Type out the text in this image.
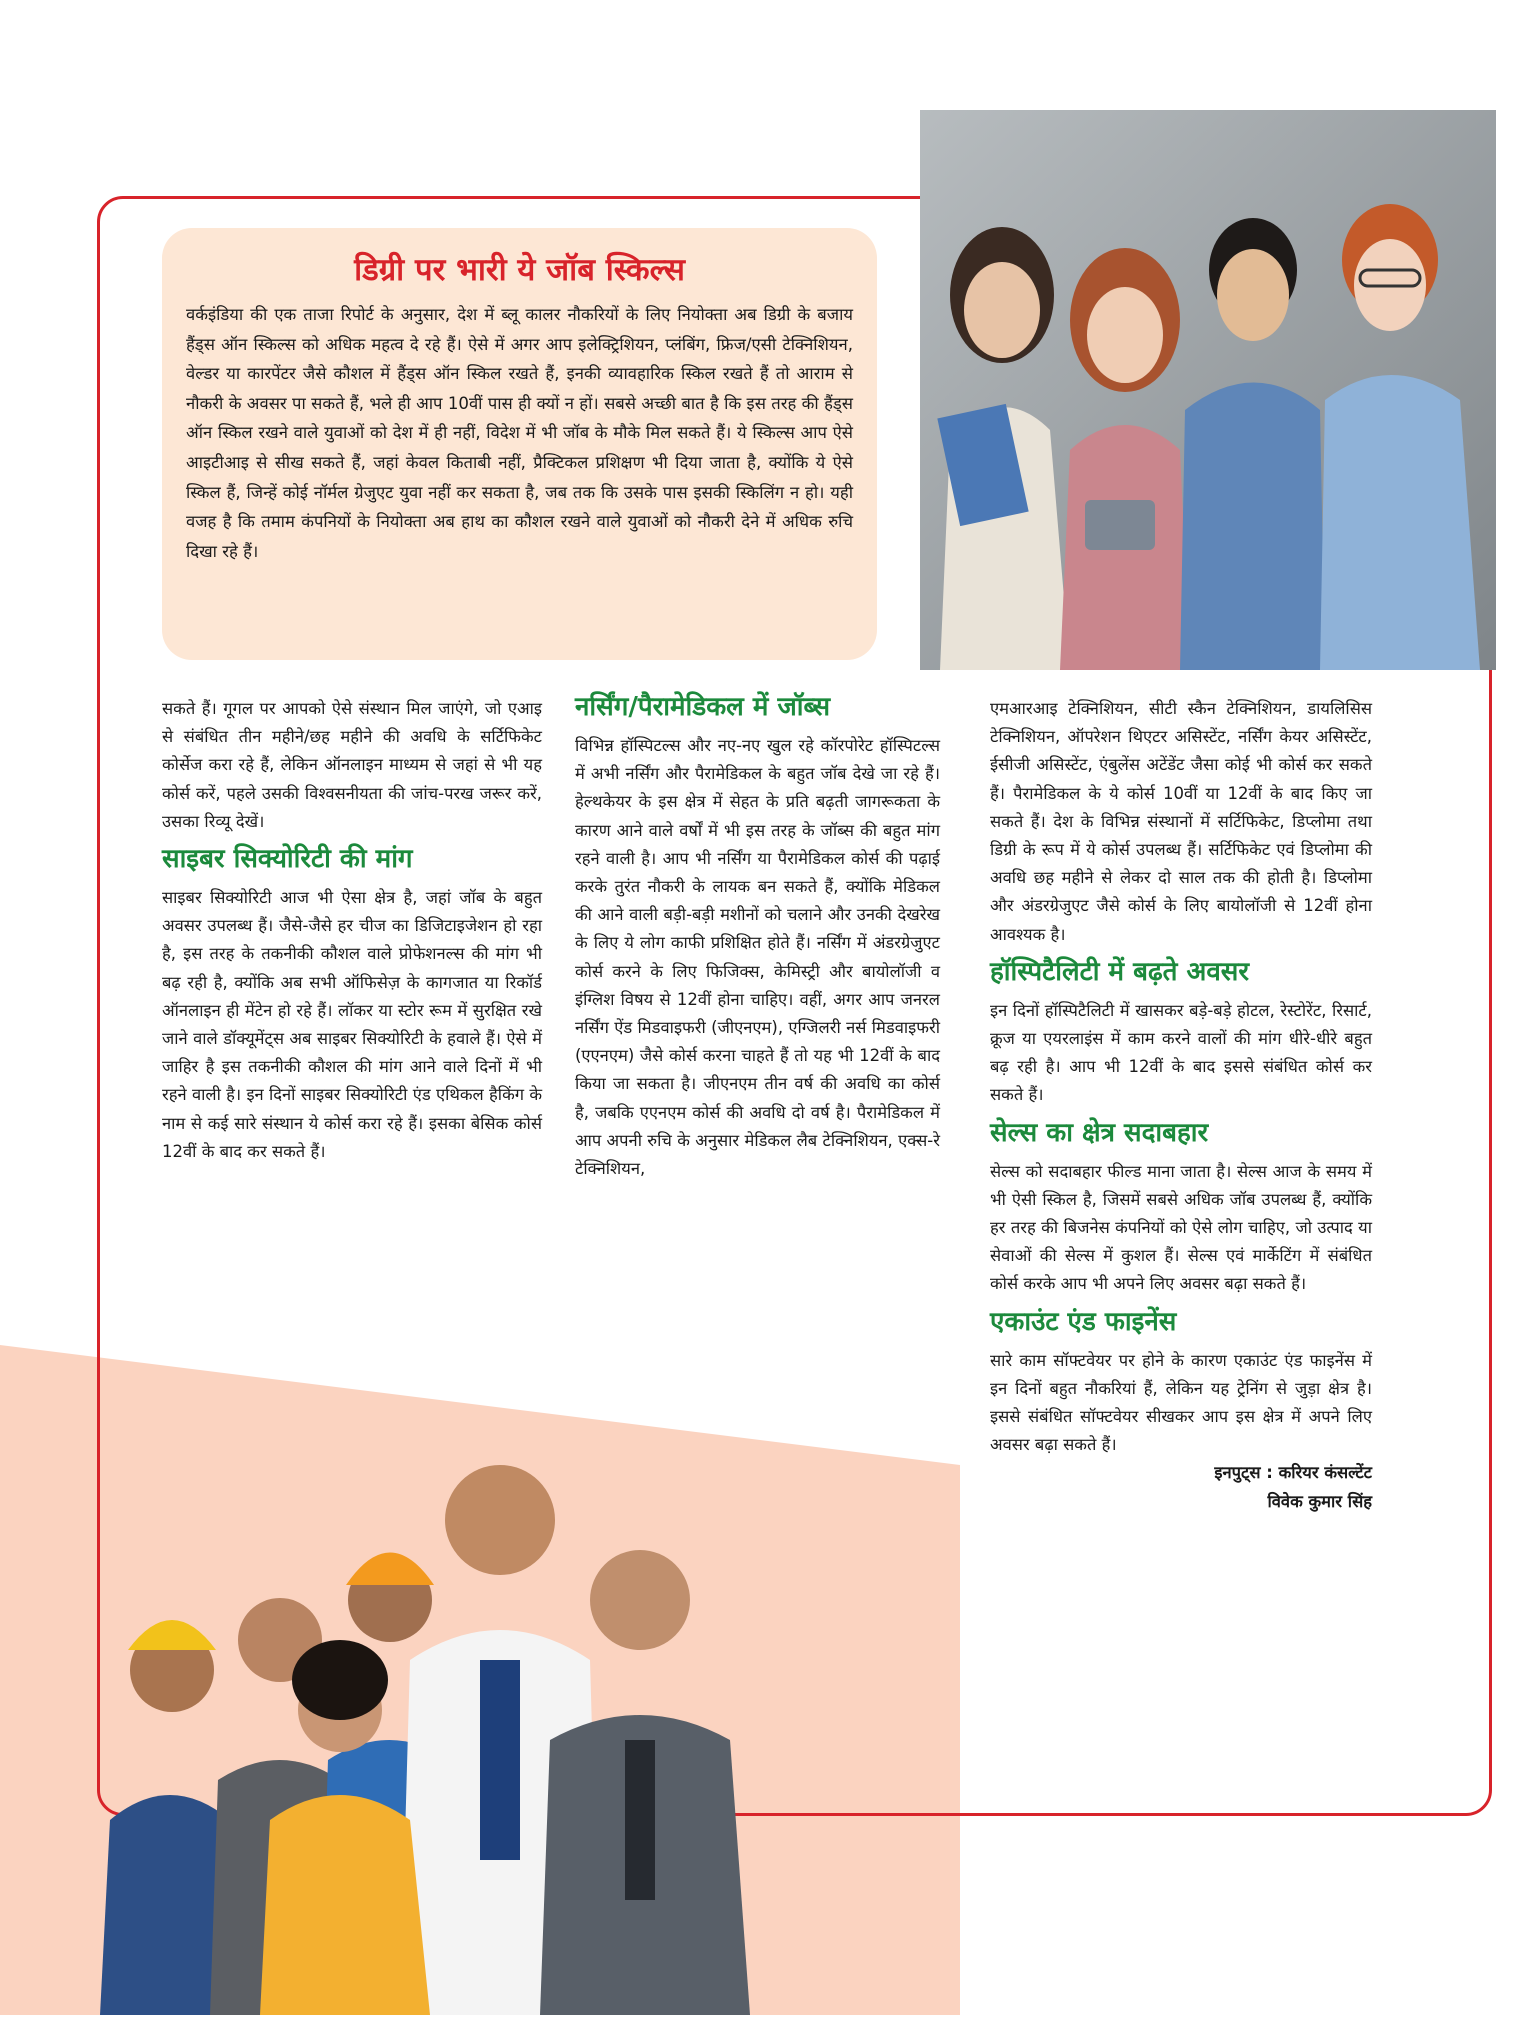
डिग्री पर भारी ये जॉब स्किल्स

वर्कइंडिया की एक ताजा रिपोर्ट के अनुसार, देश में ब्लू कालर नौकरियों के लिए नियोक्ता अब डिग्री के बजाय हैंड्स ऑन स्किल्स को अधिक महत्व दे रहे हैं। ऐसे में अगर आप इलेक्ट्रिशियन, प्लंबिंग, फ्रिज/एसी टेक्निशियन, वेल्डर या कारपेंटर जैसे कौशल में हैंड्स ऑन स्किल रखते हैं, इनकी व्यावहारिक स्किल रखते हैं तो आराम से नौकरी के अवसर पा सकते हैं, भले ही आप 10वीं पास ही क्यों न हों। सबसे अच्छी बात है कि इस तरह की हैंड्स ऑन स्किल रखने वाले युवाओं को देश में ही नहीं, विदेश में भी जॉब के मौके मिल सकते हैं। ये स्किल्स आप ऐसे आइटीआइ से सीख सकते हैं, जहां केवल किताबी नहीं, प्रैक्टिकल प्रशिक्षण भी दिया जाता है, क्योंकि ये ऐसे स्किल हैं, जिन्हें कोई नॉर्मल ग्रेजुएट युवा नहीं कर सकता है, जब तक कि उसके पास इसकी स्किलिंग न हो। यही वजह है कि तमाम कंपनियों के नियोक्ता अब हाथ का कौशल रखने वाले युवाओं को नौकरी देने में अधिक रुचि दिखा रहे हैं।

सकते हैं। गूगल पर आपको ऐसे संस्थान मिल जाएंगे, जो एआइ से संबंधित तीन महीने/छह महीने की अवधि के सर्टिफिकेट कोर्सेज करा रहे हैं, लेकिन ऑनलाइन माध्यम से जहां से भी यह कोर्स करें, पहले उसकी विश्वसनीयता की जांच-परख जरूर करें, उसका रिव्यू देखें।

साइबर सिक्योरिटी की मांग

साइबर सिक्योरिटी आज भी ऐसा क्षेत्र है, जहां जॉब के बहुत अवसर उपलब्ध हैं। जैसे-जैसे हर चीज का डिजिटाइजेशन हो रहा है, इस तरह के तकनीकी कौशल वाले प्रोफेशनल्स की मांग भी बढ़ रही है, क्योंकि अब सभी ऑफिसेज़ के कागजात या रिकॉर्ड ऑनलाइन ही मेंटेन हो रहे हैं। लॉकर या स्टोर रूम में सुरक्षित रखे जाने वाले डॉक्यूमेंट्स अब साइबर सिक्योरिटी के हवाले हैं। ऐसे में जाहिर है इस तकनीकी कौशल की मांग आने वाले दिनों में भी रहने वाली है। इन दिनों साइबर सिक्योरिटी एंड एथिकल हैकिंग के नाम से कई सारे संस्थान ये कोर्स करा रहे हैं। इसका बेसिक कोर्स 12वीं के बाद कर सकते हैं।

नर्सिंग/पैरामेडिकल में जॉब्स

विभिन्न हॉस्पिटल्स और नए-नए खुल रहे कॉरपोरेट हॉस्पिटल्स में अभी नर्सिंग और पैरामेडिकल के बहुत जॉब देखे जा रहे हैं। हेल्थकेयर के इस क्षेत्र में सेहत के प्रति बढ़ती जागरूकता के कारण आने वाले वर्षों में भी इस तरह के जॉब्स की बहुत मांग रहने वाली है। आप भी नर्सिंग या पैरामेडिकल कोर्स की पढ़ाई करके तुरंत नौकरी के लायक बन सकते हैं, क्योंकि मेडिकल की आने वाली बड़ी-बड़ी मशीनों को चलाने और उनकी देखरेख के लिए ये लोग काफी प्रशिक्षित होते हैं। नर्सिंग में अंडरग्रेजुएट कोर्स करने के लिए फिजिक्स, केमिस्ट्री और बायोलॉजी व इंग्लिश विषय से 12वीं होना चाहिए। वहीं, अगर आप जनरल नर्सिंग ऐंड मिडवाइफरी (जीएनएम), एग्जिलरी नर्स मिडवाइफरी (एएनएम) जैसे कोर्स करना चाहते हैं तो यह भी 12वीं के बाद किया जा सकता है। जीएनएम तीन वर्ष की अवधि का कोर्स है, जबकि एएनएम कोर्स की अवधि दो वर्ष है। पैरामेडिकल में आप अपनी रुचि के अनुसार मेडिकल लैब टेक्निशियन, एक्स-रे टेक्निशियन,

एमआरआइ टेक्निशियन, सीटी स्कैन टेक्निशियन, डायलिसिस टेक्निशियन, ऑपरेशन थिएटर असिस्टेंट, नर्सिंग केयर असिस्टेंट, ईसीजी असिस्टेंट, एंबुलेंस अटेंडेंट जैसा कोई भी कोर्स कर सकते हैं। पैरामेडिकल के ये कोर्स 10वीं या 12वीं के बाद किए जा सकते हैं। देश के विभिन्न संस्थानों में सर्टिफिकेट, डिप्लोमा तथा डिग्री के रूप में ये कोर्स उपलब्ध हैं। सर्टिफिकेट एवं डिप्लोमा की अवधि छह महीने से लेकर दो साल तक की होती है। डिप्लोमा और अंडरग्रेजुएट जैसे कोर्स के लिए बायोलॉजी से 12वीं होना आवश्यक है।

हॉस्पिटैलिटी में बढ़ते अवसर

इन दिनों हॉस्पिटैलिटी में खासकर बड़े-बड़े होटल, रेस्टोरेंट, रिसार्ट, क्रूज या एयरलाइंस में काम करने वालों की मांग धीरे-धीरे बहुत बढ़ रही है। आप भी 12वीं के बाद इससे संबंधित कोर्स कर सकते हैं।

सेल्स का क्षेत्र सदाबहार

सेल्स को सदाबहार फील्ड माना जाता है। सेल्स आज के समय में भी ऐसी स्किल है, जिसमें सबसे अधिक जॉब उपलब्ध हैं, क्योंकि हर तरह की बिजनेस कंपनियों को ऐसे लोग चाहिए, जो उत्पाद या सेवाओं की सेल्स में कुशल हैं। सेल्स एवं मार्केटिंग में संबंधित कोर्स करके आप भी अपने लिए अवसर बढ़ा सकते हैं।

एकाउंट एंड फाइनेंस

सारे काम सॉफ्टवेयर पर होने के कारण एकाउंट एंड फाइनेंस में इन दिनों बहुत नौकरियां हैं, लेकिन यह ट्रेनिंग से जुड़ा क्षेत्र है। इससे संबंधित सॉफ्टवेयर सीखकर आप इस क्षेत्र में अपने लिए अवसर बढ़ा सकते हैं।

इनपुट्स : करियर कंसल्टेंट

विवेक कुमार सिंह
